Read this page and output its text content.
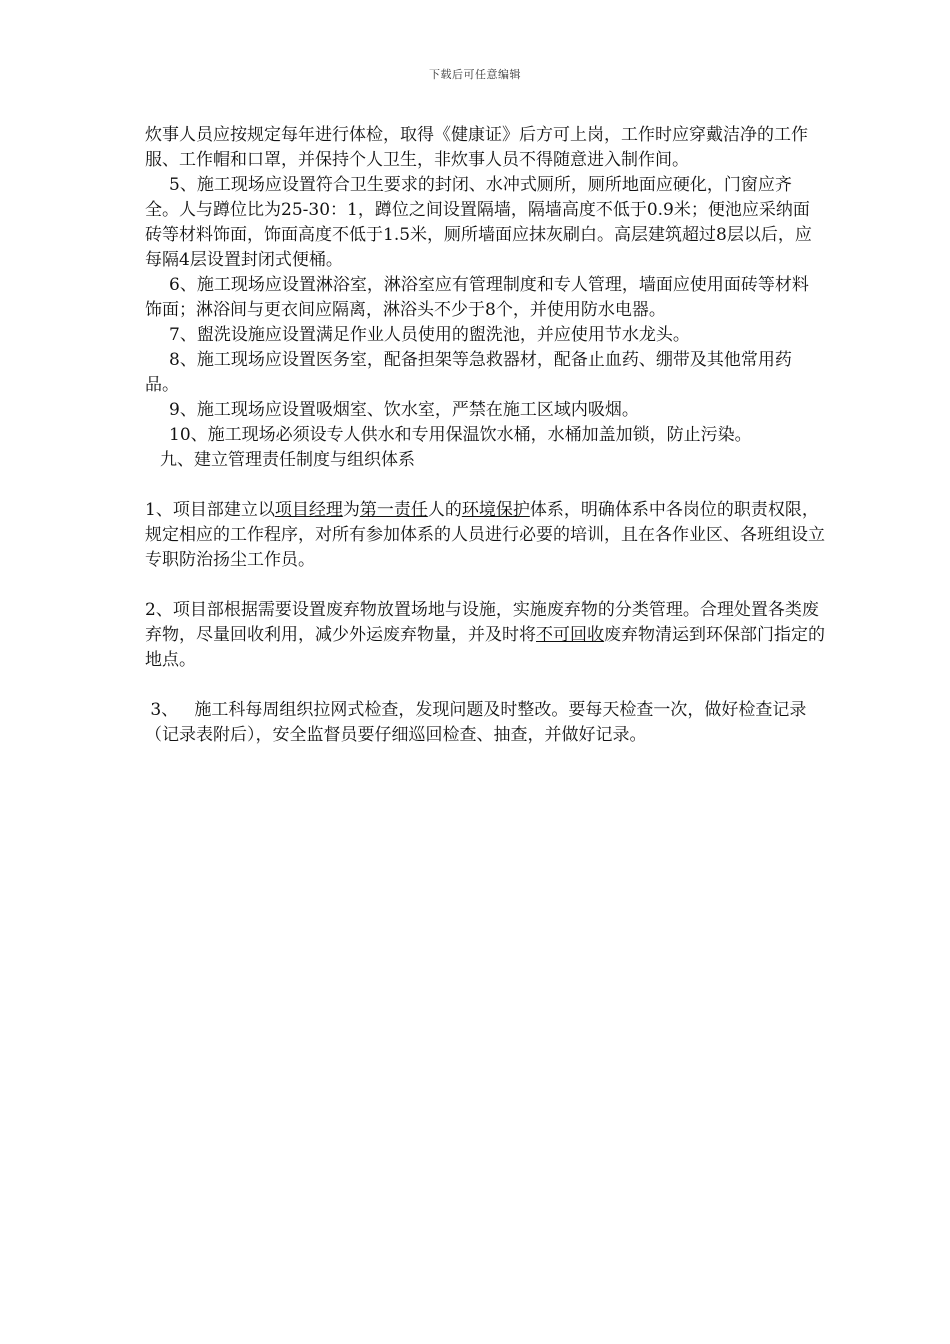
下载后可任意编辑

炊事人员应按规定每年进行体检，取得《健康证》后方可上岗，工作时应穿戴洁净的工作服、工作帽和口罩，并保持个人卫生，非炊事人员不得随意进入制作间。

5、施工现场应设置符合卫生要求的封闭、水冲式厕所，厕所地面应硬化，门窗应齐全。人与蹲位比为25-30：1，蹲位之间设置隔墙，隔墙高度不低于0.9米；便池应采纳面砖等材料饰面，饰面高度不低于1.5米，厕所墙面应抹灰刷白。高层建筑超过8层以后，应每隔4层设置封闭式便桶。

6、施工现场应设置淋浴室，淋浴室应有管理制度和专人管理，墙面应使用面砖等材料饰面；淋浴间与更衣间应隔离，淋浴头不少于8个，并使用防水电器。

7、盥洗设施应设置满足作业人员使用的盥洗池，并应使用节水龙头。

8、施工现场应设置医务室，配备担架等急救器材，配备止血药、绷带及其他常用药品。

9、施工现场应设置吸烟室、饮水室，严禁在施工区域内吸烟。

10、施工现场必须设专人供水和专用保温饮水桶，水桶加盖加锁，防止污染。

九、建立管理责任制度与组织体系

1、项目部建立以项目经理为第一责任人的环境保护体系，明确体系中各岗位的职责权限，规定相应的工作程序，对所有参加体系的人员进行必要的培训，且在各作业区、各班组设立专职防治扬尘工作员。

2、项目部根据需要设置废弃物放置场地与设施，实施废弃物的分类管理。合理处置各类废弃物，尽量回收利用，减少外运废弃物量，并及时将不可回收废弃物清运到环保部门指定的地点。

3、   施工科每周组织拉网式检查，发现问题及时整改。要每天检查一次，做好检查记录（记录表附后），安全监督员要仔细巡回检查、抽查，并做好记录。
